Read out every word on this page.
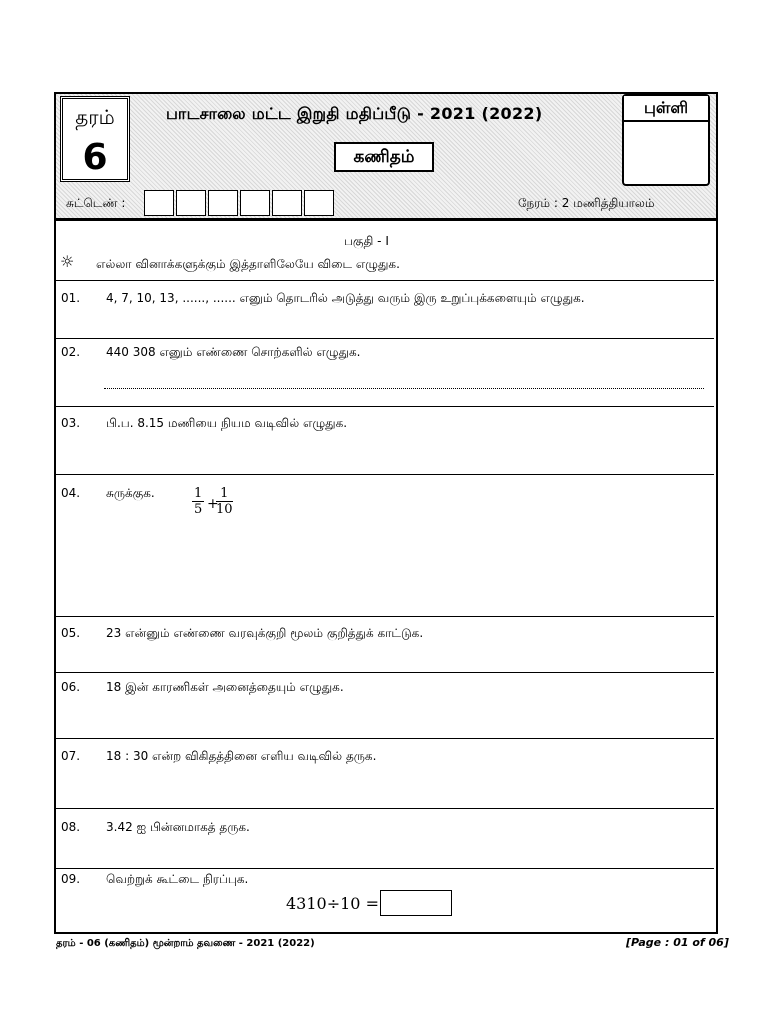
தரம்
6
பாடசாலை மட்ட இறுதி மதிப்பீடு - 2021 (2022)
கணிதம்
புள்ளி
சுட்டெண் :	நேரம் : 2 மணித்தியாலம்
பகுதி - I
☼ எல்லா வினாக்களுக்கும் இத்தாளிலேயே விடை எழுதுக.
01. 4, 7, 10, 13, ......, ...... எனும் தொடரில் அடுத்து வரும் இரு உறுப்புக்களையும் எழுதுக.
02. 440 308 எனும் எண்ணை சொற்களில் எழுதுக.
03. பி.ப. 8.15 மணியை நியம வடிவில் எழுதுக.
04. சுருக்குக.	$\frac{1}{5}$ +
$\frac{1}{10}$
05. 23 என்னும் எண்ணை வரவுக்குறி மூலம் குறித்துக் காட்டுக.
06. 18 இன் காரணிகள் அனைத்தையும் எழுதுக.
07. 18 : 30 என்ற விகிதத்தினை எளிய வடிவில் தருக.
08. 3.42 ஐ பின்னமாகத் தருக.
09. வெற்றுக் கூட்டை நிரப்புக.
4310÷10 =
தரம் - 06 (கணிதம்) மூன்றாம் தவணை - 2021 (2022)	[Page : 01 of 06]
